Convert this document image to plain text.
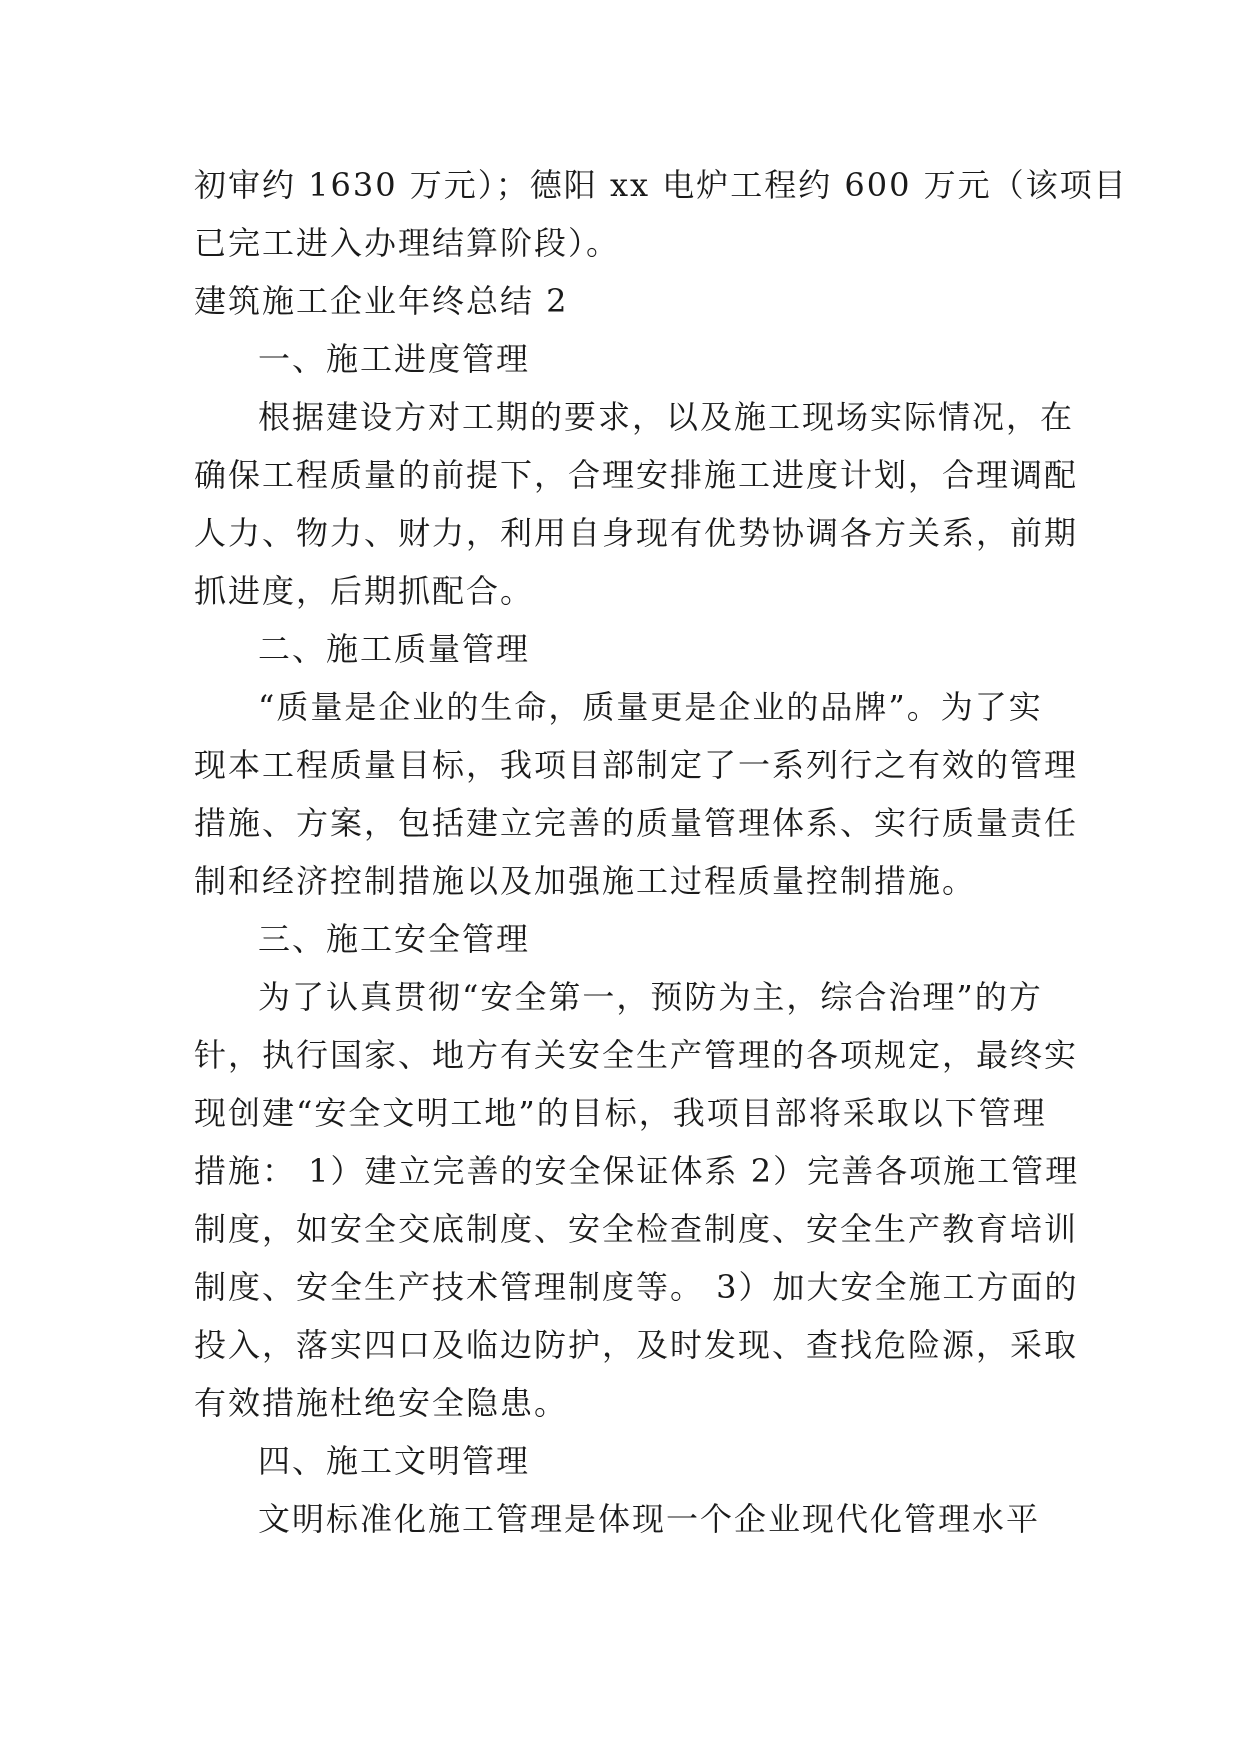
初审约 1630 万元）；德阳 xx 电炉工程约 600 万元（该项目
已完工进入办理结算阶段）。
建筑施工企业年终总结 2
一、施工进度管理
根据建设方对工期的要求，以及施工现场实际情况，在
确保工程质量的前提下，合理安排施工进度计划，合理调配
人力、物力、财力，利用自身现有优势协调各方关系，前期
抓进度，后期抓配合。
二、施工质量管理
“质量是企业的生命，质量更是企业的品牌”。为了实
现本工程质量目标，我项目部制定了一系列行之有效的管理
措施、方案，包括建立完善的质量管理体系、实行质量责任
制和经济控制措施以及加强施工过程质量控制措施。
三、施工安全管理
为了认真贯彻“安全第一，预防为主，综合治理”的方
针，执行国家、地方有关安全生产管理的各项规定，最终实
现创建“安全文明工地”的目标，我项目部将采取以下管理
措施： 1）建立完善的安全保证体系 2）完善各项施工管理
制度，如安全交底制度、安全检查制度、安全生产教育培训
制度、安全生产技术管理制度等。 3）加大安全施工方面的
投入，落实四口及临边防护，及时发现、查找危险源，采取
有效措施杜绝安全隐患。
四、施工文明管理
文明标准化施工管理是体现一个企业现代化管理水平
